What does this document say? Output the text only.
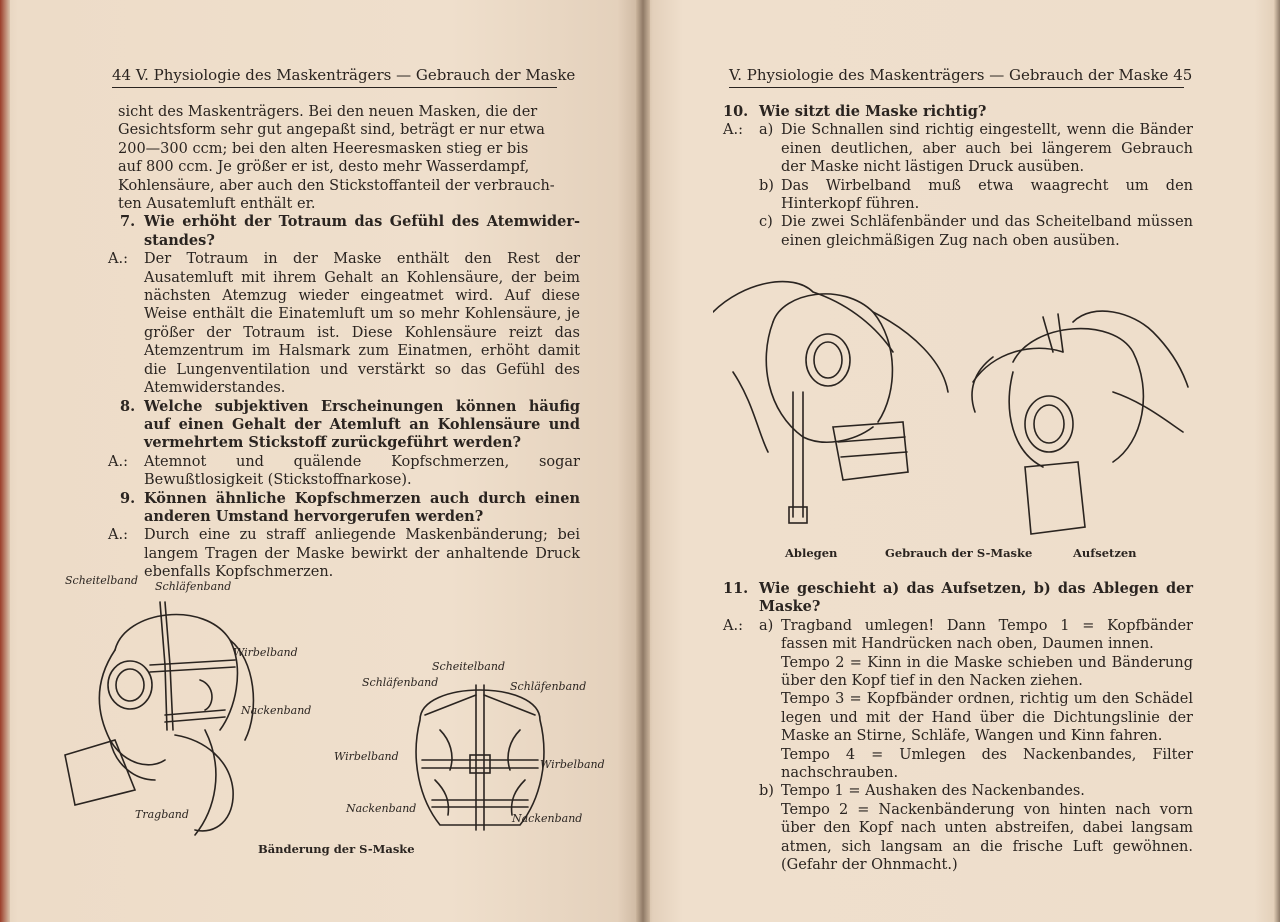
44 V. Physiologie des Maskenträgers — Gebrauch der Maske
sicht des Maskenträgers. Bei den neuen Masken, die der
Gesichtsform sehr gut angepaßt sind, beträgt er nur etwa
200—300 ccm; bei den alten Heeresmasken stieg er bis
auf 800 ccm. Je größer er ist, desto mehr Wasserdampf,
Kohlensäure, aber auch den Stickstoffanteil der verbrauch-
ten Ausatemluft enthält er.
7. Wie erhöht der Totraum das Gefühl des Atemwider-standes?
A.: Der Totraum in der Maske enthält den Rest der Ausatemluft mit ihrem Gehalt an Kohlensäure, der beim nächsten Atemzug wieder eingeatmet wird. Auf diese Weise enthält die Einatemluft um so mehr Kohlensäure, je größer der Totraum ist. Diese Kohlensäure reizt das Atemzentrum im Halsmark zum Einatmen, erhöht damit die Lungenventilation und verstärkt so das Gefühl des Atemwiderstandes.
8. Welche subjektiven Erscheinungen können häufig auf einen Gehalt der Atemluft an Kohlensäure und vermehrtem Stickstoff zurückgeführt werden?
A.: Atemnot und quälende Kopfschmerzen, sogar Bewußtlosigkeit (Stickstoffnarkose).
9. Können ähnliche Kopfschmerzen auch durch einen anderen Umstand hervorgerufen werden?
A.: Durch eine zu straff anliegende Maskenbänderung; bei langem Tragen der Maske bewirkt der anhaltende Druck ebenfalls Kopfschmerzen.
Scheitelband Schläfenband
Wirbelband
Nackenband
Tragband
Scheitelband
Schläfenband	Schläfenband
Wirbelband
Wirbelband
Nackenband
Nackenband
Bänderung der S-Maske
V. Physiologie des Maskenträgers — Gebrauch der Maske 45
10. Wie sitzt die Maske richtig?
A.: a) Die Schnallen sind richtig eingestellt, wenn die Bänder einen deutlichen, aber auch bei längerem Gebrauch der Maske nicht lästigen Druck ausüben.
b) Das Wirbelband muß etwa waagrecht um den Hinterkopf führen.
c) Die zwei Schläfenbänder und das Scheitelband müssen einen gleichmäßigen Zug nach oben ausüben.
Ablegen	Gebrauch der S-Maske	Aufsetzen
11. Wie geschieht a) das Aufsetzen, b) das Ablegen der Maske?
A.: a) Tragband umlegen! Dann Tempo 1 = Kopfbänder fassen mit Handrücken nach oben, Daumen innen.
Tempo 2 = Kinn in die Maske schieben und Bänderung über den Kopf tief in den Nacken ziehen.
Tempo 3 = Kopfbänder ordnen, richtig um den Schädel legen und mit der Hand über die Dichtungslinie der Maske an Stirne, Schläfe, Wangen und Kinn fahren.
Tempo 4 = Umlegen des Nackenbandes, Filter nachschrauben.
b) Tempo 1 = Aushaken des Nackenbandes.
Tempo 2 = Nackenbänderung von hinten nach vorn über den Kopf nach unten abstreifen, dabei langsam atmen, sich langsam an die frische Luft gewöhnen. (Gefahr der Ohnmacht.)
